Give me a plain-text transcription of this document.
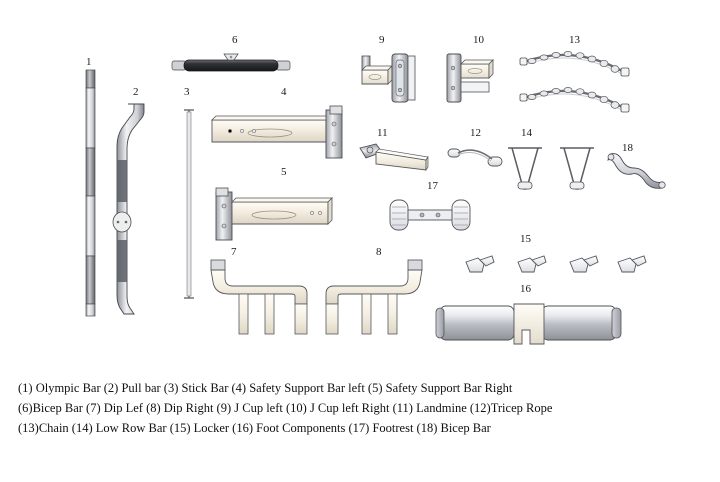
1
2	3	4
5
6
7	8
9	10
11	12
13
14
15
16
17
18
(1) Olympic Bar (2) Pull bar (3) Stick Bar (4) Safety Support Bar left (5) Safety Support Bar Right
(6)Bicep Bar (7) Dip Lef (8) Dip Right (9) J Cup left (10) J Cup left Right (11) Landmine (12)Tricep Rope
(13)Chain (14) Low Row Bar (15) Locker (16) Foot Components (17) Footrest (18) Bicep Bar
